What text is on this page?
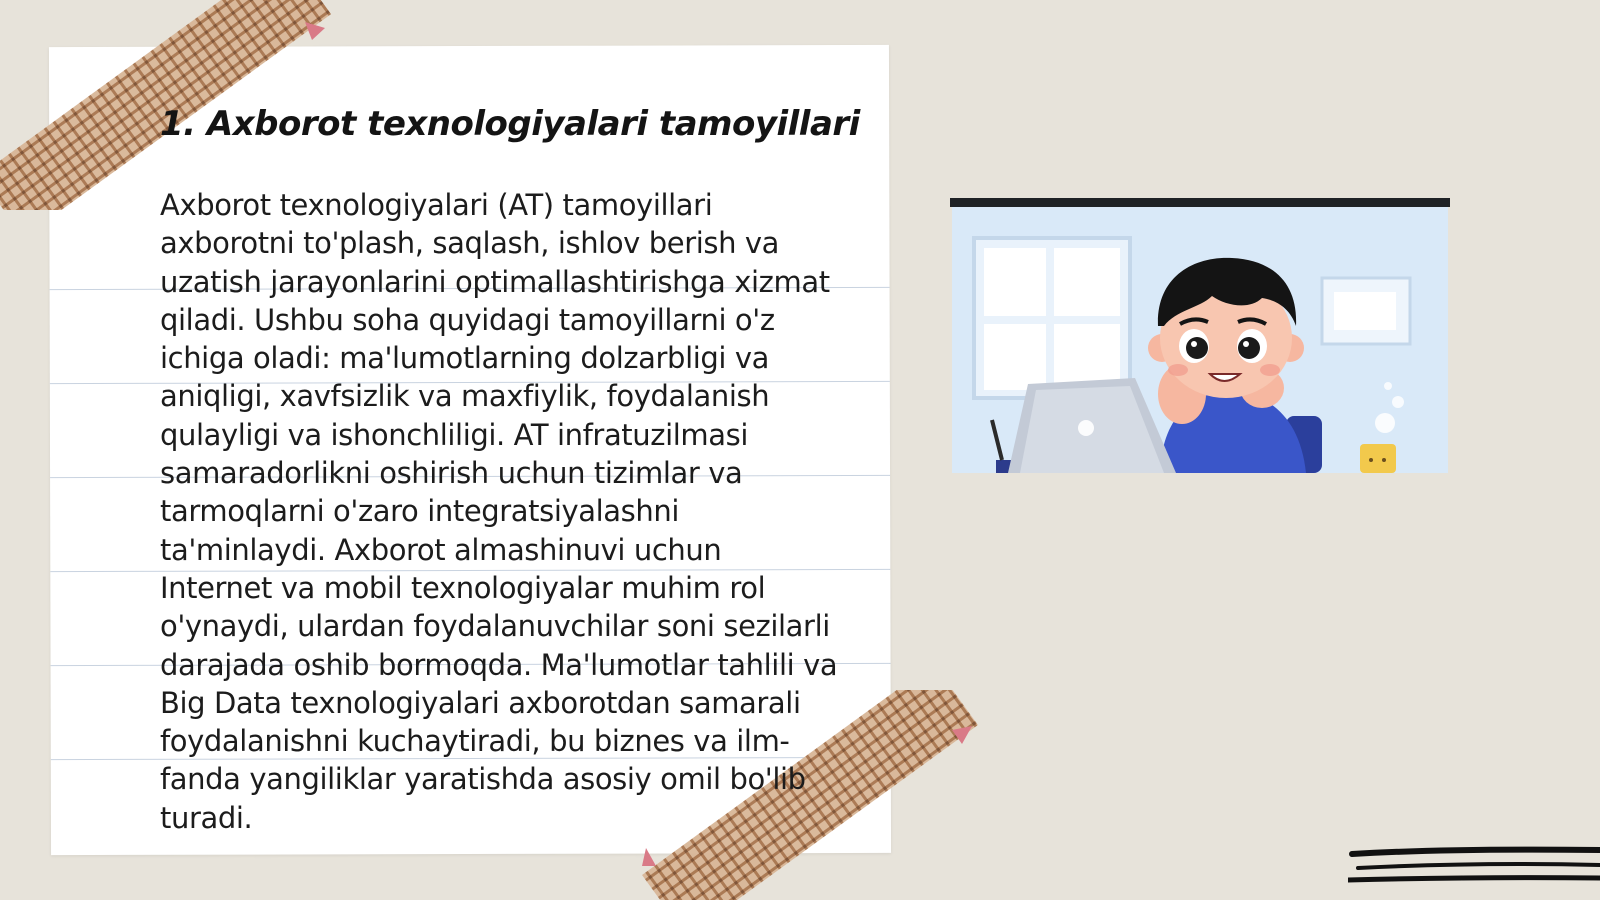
1. Axborot texnologiyalari tamoyillari

Axborot texnologiyalari (AT) tamoyillari axborotni to'plash, saqlash, ishlov berish va uzatish jarayonlarini optimallashtirishga xizmat qiladi. Ushbu soha quyidagi tamoyillarni o'z ichiga oladi: ma'lumotlarning dolzarbligi va aniqligi, xavfsizlik va maxfiylik, foydalanish qulayligi va ishonchliligi. AT infratuzilmasi samaradorlikni oshirish uchun tizimlar va tarmoqlarni o'zaro integratsiyalashni ta'minlaydi. Axborot almashinuvi uchun Internet va mobil texnologiyalar muhim rol o'ynaydi, ulardan foydalanuvchilar soni sezilarli darajada oshib bormoqda. Ma'lumotlar tahlili va Big Data texnologiyalari axborotdan samarali foydalanishni kuchaytiradi, bu biznes va ilm-fanda yangiliklar yaratishda asosiy omil bo'lib turadi.
